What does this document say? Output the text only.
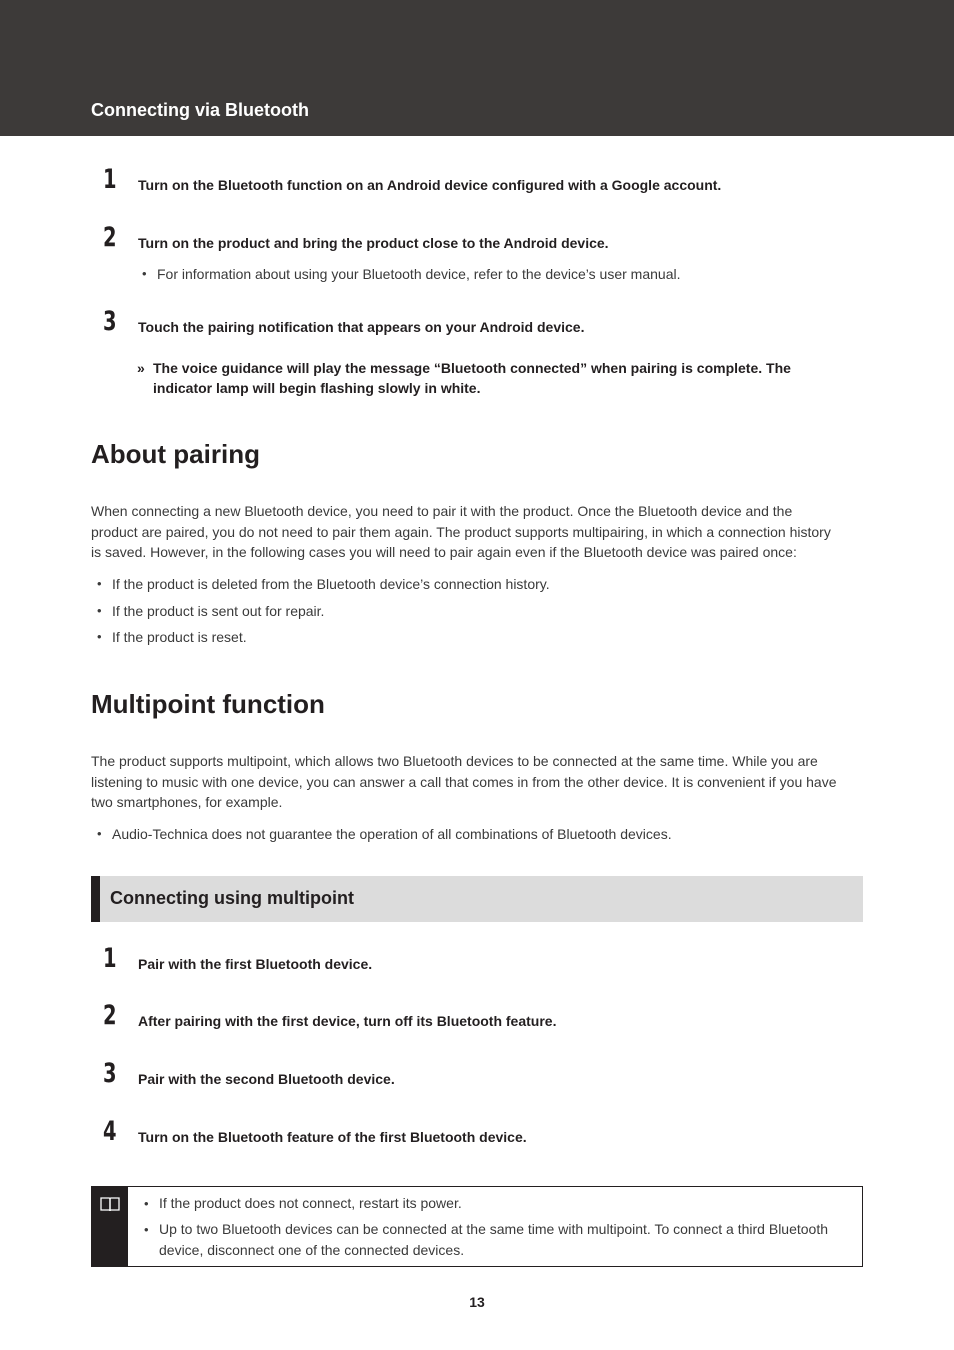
Connecting via Bluetooth
1 Turn on the Bluetooth function on an Android device configured with a Google account.
2 Turn on the product and bring the product close to the Android device.
• For information about using your Bluetooth device, refer to the device’s user manual.
3 Touch the pairing notification that appears on your Android device.
» The voice guidance will play the message “Bluetooth connected” when pairing is complete. The
indicator lamp will begin flashing slowly in white.
About pairing
When connecting a new Bluetooth device, you need to pair it with the product. Once the Bluetooth device and the
product are paired, you do not need to pair them again. The product supports multipairing, in which a connection history
is saved. However, in the following cases you will need to pair again even if the Bluetooth device was paired once:
• If the product is deleted from the Bluetooth device’s connection history.
• If the product is sent out for repair.
• If the product is reset.
Multipoint function
The product supports multipoint, which allows two Bluetooth devices to be connected at the same time. While you are
listening to music with one device, you can answer a call that comes in from the other device. It is convenient if you have
two smartphones, for example.
• Audio-Technica does not guarantee the operation of all combinations of Bluetooth devices.
Connecting using multipoint
1 Pair with the first Bluetooth device.
2 After pairing with the first device, turn off its Bluetooth feature.
3 Pair with the second Bluetooth device.
4 Turn on the Bluetooth feature of the first Bluetooth device.
• If the product does not connect, restart its power.
• Up to two Bluetooth devices can be connected at the same time with multipoint. To connect a third Bluetooth
device, disconnect one of the connected devices.
13
